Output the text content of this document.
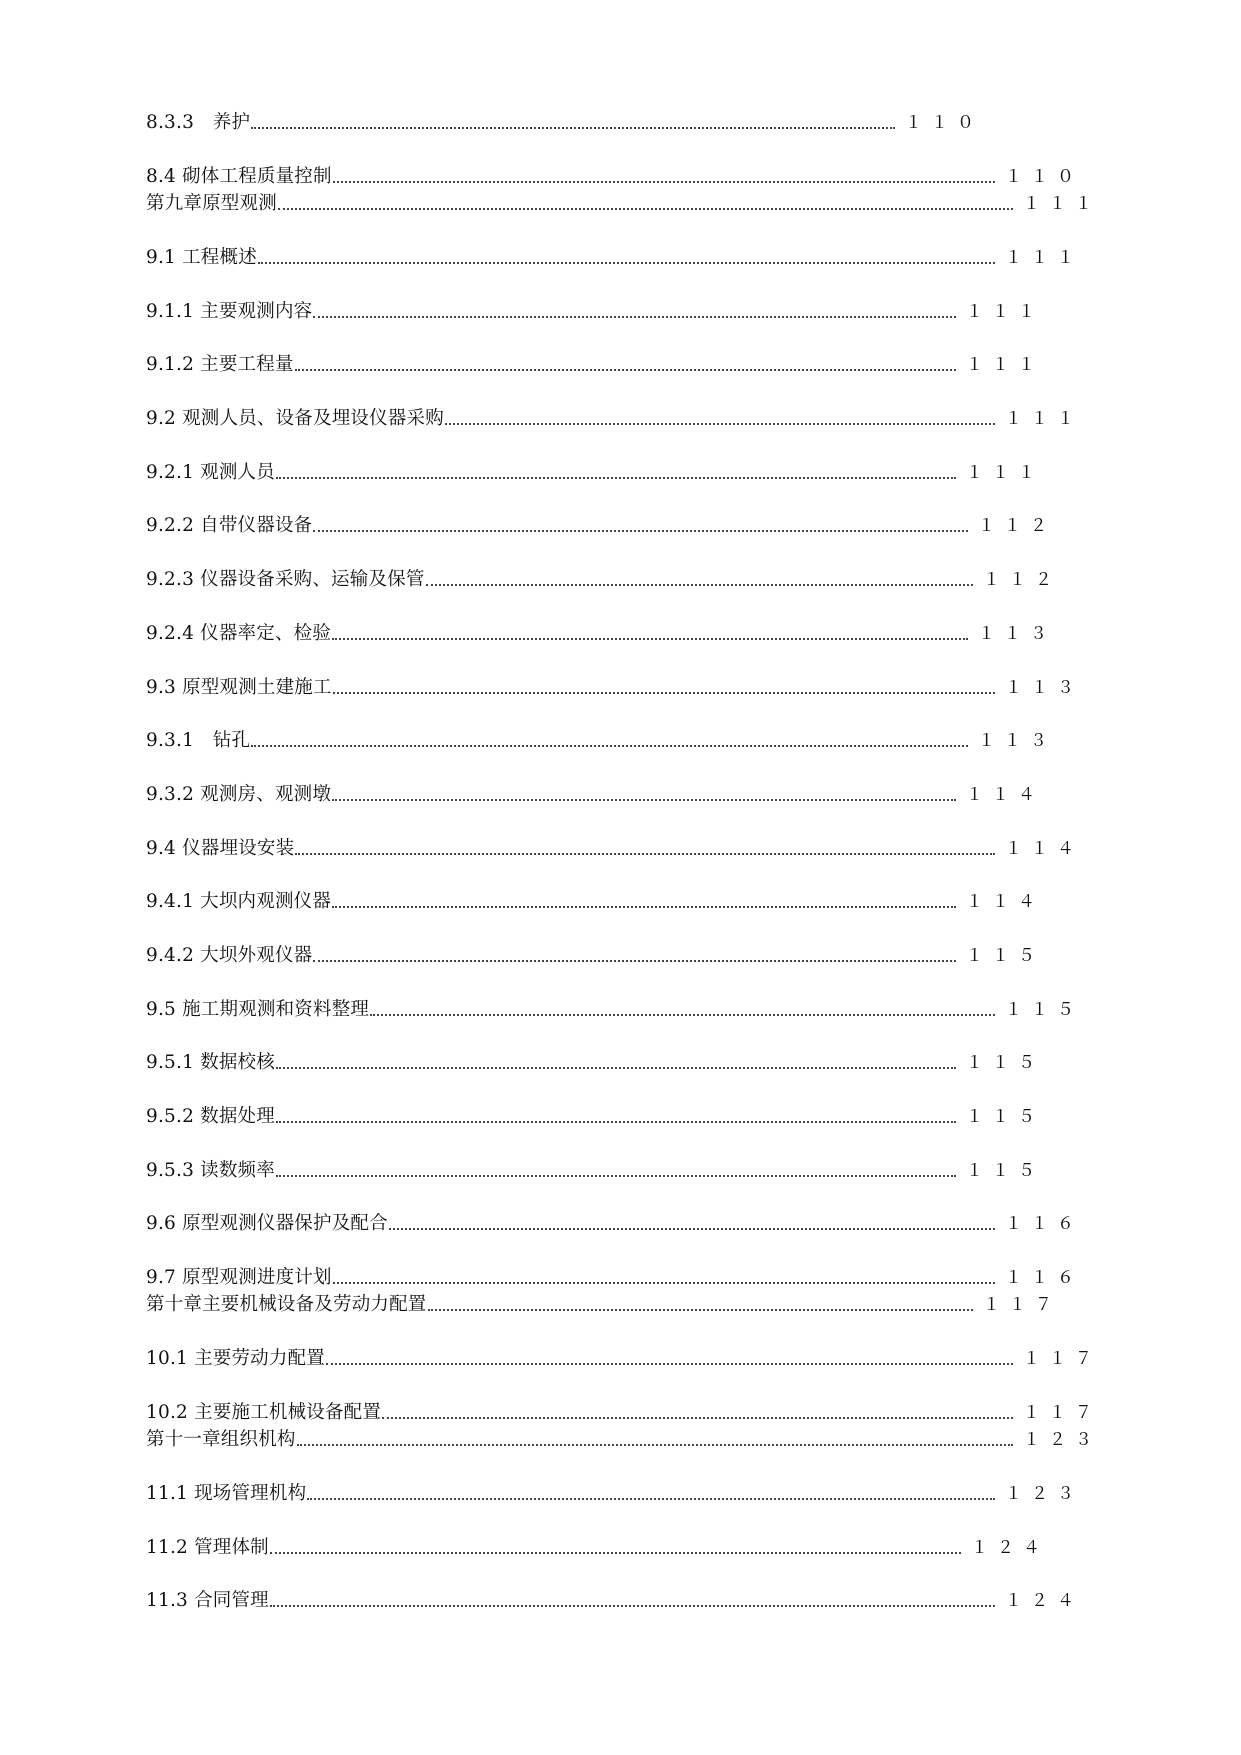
8.3.3　养护	１１０
8.4 砌体工程质量控制	１１０
第九章原型观测	１１１
9.1 工程概述	１１１
9.1.1 主要观测内容	１１１
9.1.2 主要工程量	１１１
9.2 观测人员、设备及埋设仪器采购	１１１
9.2.1 观测人员	１１１
9.2.2 自带仪器设备	１１２
9.2.3 仪器设备采购、运输及保管	１１２
9.2.4 仪器率定、检验	１１３
9.3 原型观测土建施工	１１３
9.3.1　钻孔	１１３
9.3.2 观测房、观测墩	１１４
9.4 仪器埋设安装	１１４
9.4.1 大坝内观测仪器	１１４
9.4.2 大坝外观仪器	１１５
9.5 施工期观测和资料整理	１１５
9.5.1 数据校核	１１５
9.5.2 数据处理	１１５
9.5.3 读数频率	１１５
9.6 原型观测仪器保护及配合	１１６
9.7 原型观测进度计划	１１６
第十章主要机械设备及劳动力配置	１１７
10.1 主要劳动力配置	１１７
10.2 主要施工机械设备配置	１１７
第十一章组织机构	１２３
11.1 现场管理机构	１２３
11.2 管理体制	１２４
11.3 合同管理	１２４
